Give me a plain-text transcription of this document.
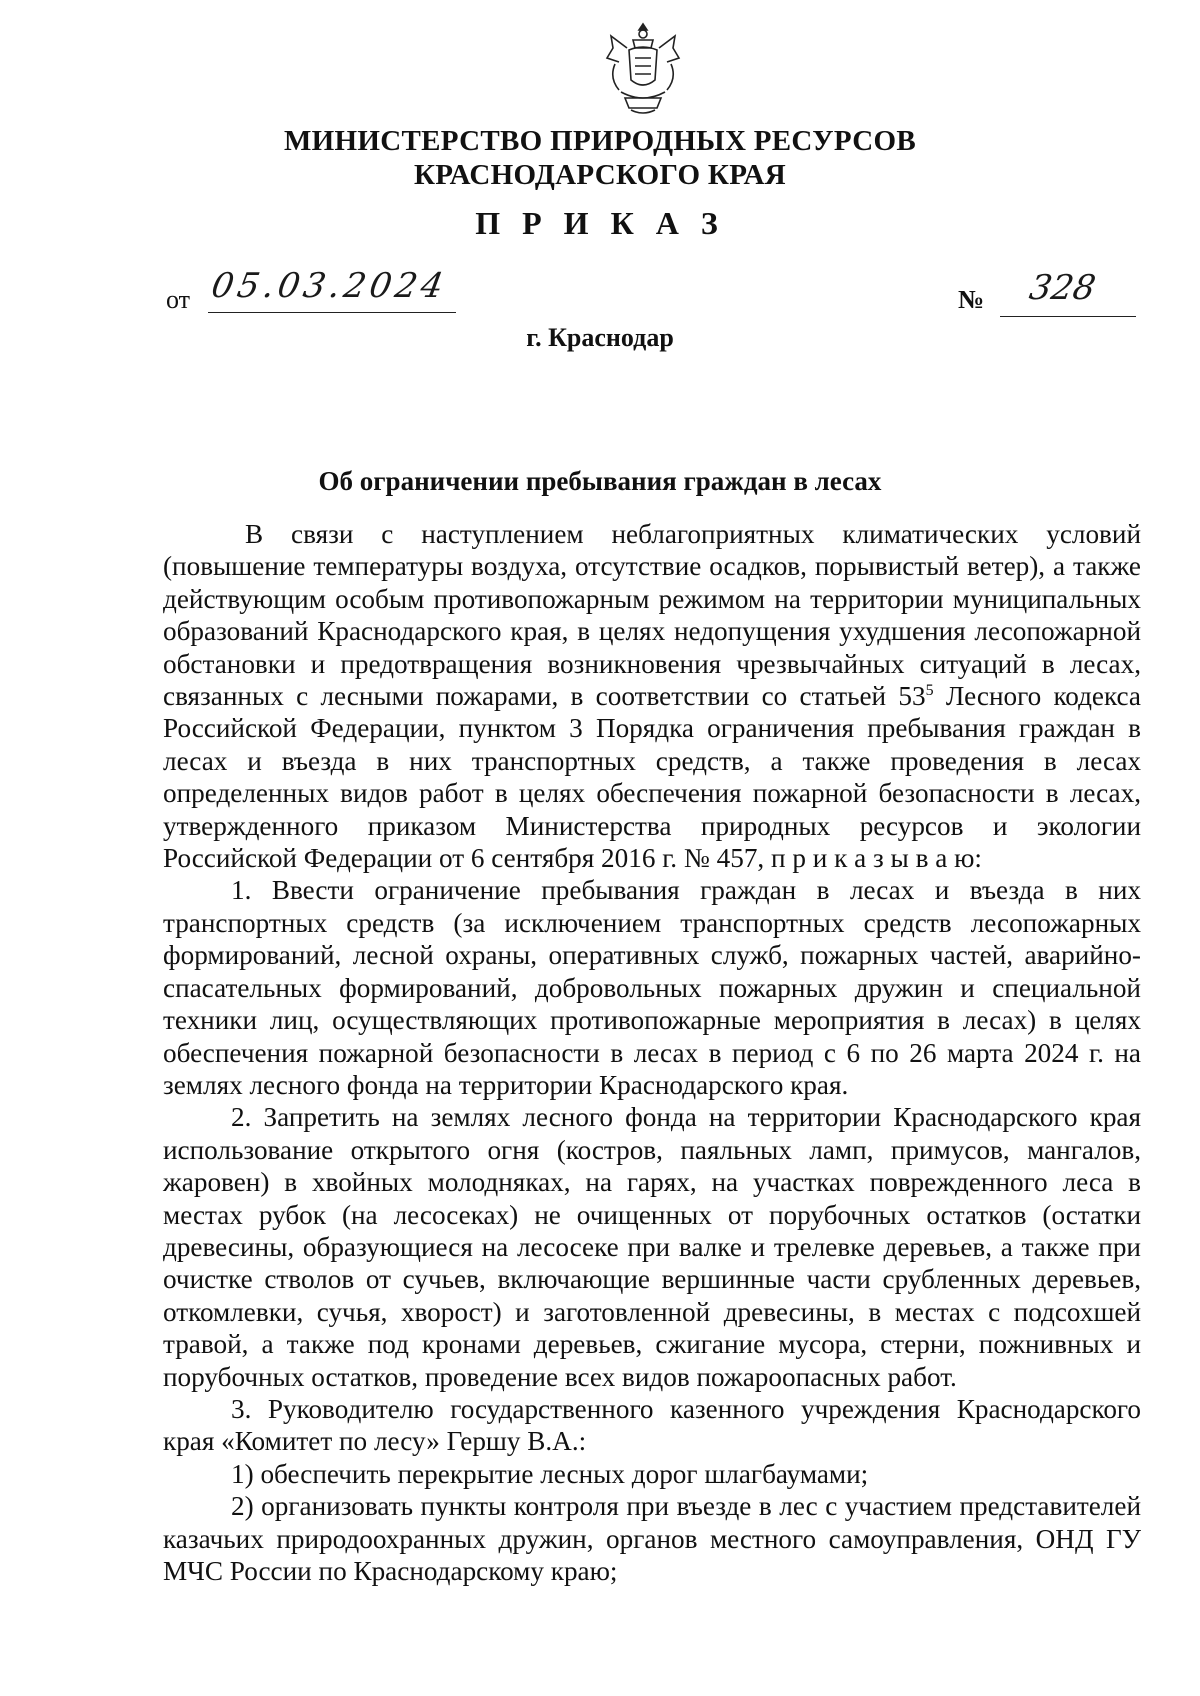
МИНИСТЕРСТВО ПРИРОДНЫХ РЕСУРСОВ
КРАСНОДАРСКОГО КРАЯ
П Р И К А З
от 05.03.2024	№ 328
г. Краснодар
Об ограничении пребывания граждан в лесах

В связи с наступлением неблагоприятных климатических условий (повышение температуры воздуха, отсутствие осадков, порывистый ветер), а также действующим особым противопожарным режимом на территории муниципальных образований Краснодарского края, в целях недопущения ухудшения лесопожарной обстановки и предотвращения возникновения чрезвычайных ситуаций в лесах, связанных с лесными пожарами, в соответствии со статьей $53^5$ Лесного кодекса Российской Федерации, пунктом 3 Порядка ограничения пребывания граждан в лесах и въезда в них транспортных средств, а также проведения в лесах определенных видов работ в целях обеспечения пожарной безопасности в лесах, утвержденного приказом Министерства природных ресурсов и экологии Российской Федерации от 6 сентября 2016 г. № 457, п р и к а з ы в а ю:

1. Ввести ограничение пребывания граждан в лесах и въезда в них транспортных средств (за исключением транспортных средств лесопожарных формирований, лесной охраны, оперативных служб, пожарных частей, аварийно-спасательных формирований, добровольных пожарных дружин и специальной техники лиц, осуществляющих противопожарные мероприятия в лесах) в целях обеспечения пожарной безопасности в лесах в период с 6 по 26 марта 2024 г. на землях лесного фонда на территории Краснодарского края.

2. Запретить на землях лесного фонда на территории Краснодарского края использование открытого огня (костров, паяльных ламп, примусов, мангалов, жаровен) в хвойных молодняках, на гарях, на участках поврежденного леса в местах рубок (на лесосеках) не очищенных от порубочных остатков (остатки древесины, образующиеся на лесосеке при валке и трелевке деревьев, а также при очистке стволов от сучьев, включающие вершинные части срубленных деревьев, откомлевки, сучья, хворост) и заготовленной древесины, в местах с подсохшей травой, а также под кронами деревьев, сжигание мусора, стерни, пожнивных и порубочных остатков, проведение всех видов пожароопасных работ.

3. Руководителю государственного казенного учреждения Краснодарского края «Комитет по лесу» Гершу В.А.:

1) обеспечить перекрытие лесных дорог шлагбаумами;

2) организовать пункты контроля при въезде в лес с участием представителей казачьих природоохранных дружин, органов местного самоуправления, ОНД ГУ МЧС России по Краснодарскому краю;
